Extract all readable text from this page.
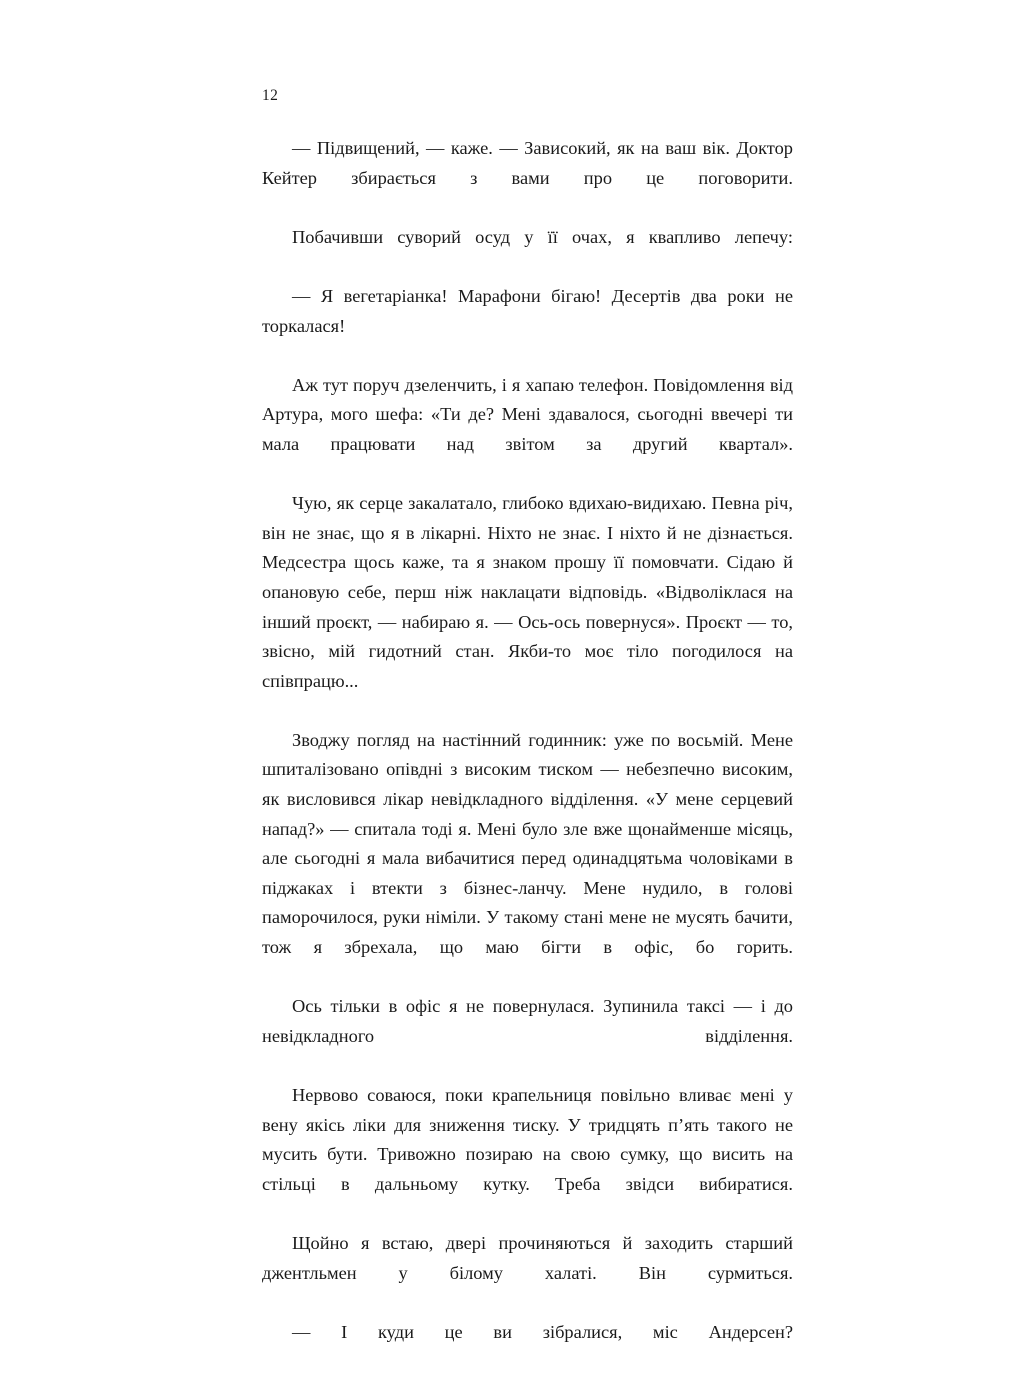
12

— Підвищений, — каже. — Зависокий, як на ваш вік. Доктор Кейтер збирається з вами про це поговорити.

Побачивши суворий осуд у її очах, я квапливо лепечу:

— Я вегетаріанка! Марафони бігаю! Десертів два роки не торкалася!

Аж тут поруч дзеленчить, і я хапаю телефон. Повідомлення від Артура, мого шефа: «Ти де? Мені здавалося, сьогодні ввечері ти мала працювати над звітом за другий квартал».

Чую, як серце закалатало, глибоко вдихаю-видихаю. Певна річ, він не знає, що я в лікарні. Ніхто не знає. І ніхто й не дізнається. Медсестра щось каже, та я знаком прошу її помовчати. Сідаю й опановую себе, перш ніж наклацати відповідь. «Відволіклася на інший проєкт, — набираю я. — Ось-ось повернуся». Проєкт — то, звісно, мій гидотний стан. Якби-то моє тіло погодилося на співпрацю...

Зводжу погляд на настінний годинник: уже по восьмій. Мене шпиталізовано опівдні з високим тиском — небезпечно високим, як висловився лікар невідкладного відділення. «У мене серцевий напад?» — спитала тоді я. Мені було зле вже щонайменше місяць, але сьогодні я мала вибачитися перед одинадцятьма чоловіками в піджаках і втекти з бізнес-ланчу. Мене нудило, в голові паморочилося, руки німіли. У такому стані мене не мусять бачити, тож я збрехала, що маю бігти в офіс, бо горить.

Ось тільки в офіс я не повернулася. Зупинила таксі — і до невідкладного відділення.

Нервово соваюся, поки крапельниця повільно вливає мені у вену якісь ліки для зниження тиску. У тридцять п’ять такого не мусить бути. Тривожно позираю на свою сумку, що висить на стільці в дальньому кутку. Треба звідси вибиратися.

Щойно я встаю, двері прочиняються й заходить старший джентльмен у білому халаті. Він сурмиться.

— І куди це ви зібралися, міс Андерсен?
